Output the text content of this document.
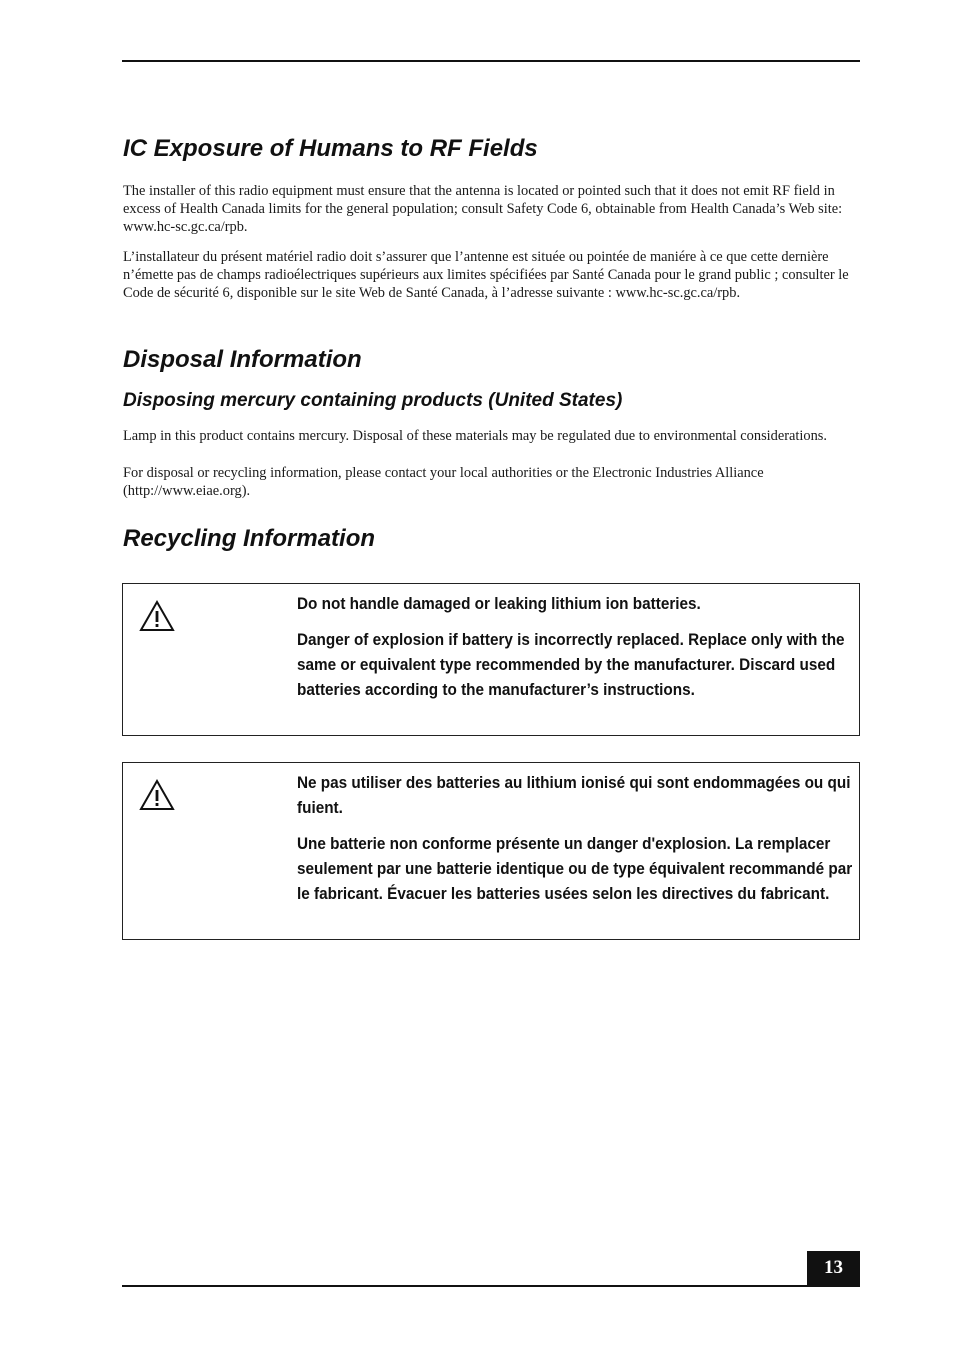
IC Exposure of Humans to RF Fields

The installer of this radio equipment must ensure that the antenna is located or pointed such that it does not emit RF field in excess of Health Canada limits for the general population; consult Safety Code 6, obtainable from Health Canada’s Web site: www.hc-sc.gc.ca/rpb.

L’installateur du présent matériel radio doit s’assurer que l’antenne est située ou pointée de maniére à ce que cette dernière n’émette pas de champs radioélectriques supérieurs aux limites spécifiées par Santé Canada pour le grand public ; consulter le Code de sécurité 6, disponible sur le site Web de Santé Canada, à l’adresse suivante : www.hc-sc.gc.ca/rpb.

Disposal Information
Disposing mercury containing products (United States)

Lamp in this product contains mercury. Disposal of these materials may be regulated due to environmental considerations.

For disposal or recycling information, please contact your local authorities or the Electronic Industries Alliance (http://www.eiae.org).

Recycling Information

Do not handle damaged or leaking lithium ion batteries.

Danger of explosion if battery is incorrectly replaced. Replace only with the same or equivalent type recommended by the manufacturer. Discard used batteries according to the manufacturer’s instructions.

Ne pas utiliser des batteries au lithium ionisé qui sont endommagées ou qui fuient.

Une batterie non conforme présente un danger d'explosion. La remplacer seulement par une batterie identique ou de type équivalent recommandé par le fabricant. Évacuer les batteries usées selon les directives du fabricant.

13
